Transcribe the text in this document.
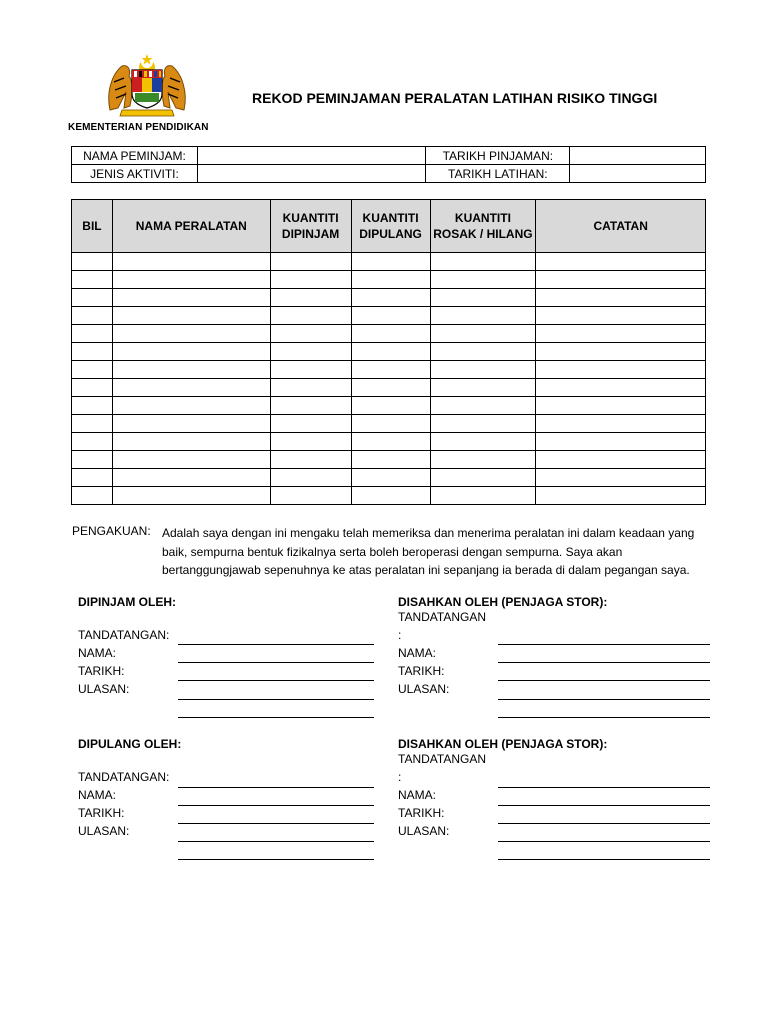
KEMENTERIAN PENDIDIKAN
REKOD PEMINJAMAN PERALATAN LATIHAN RISIKO TINGGI
NAMA PEMINJAM:		TARIKH PINJAMAN:	
JENIS AKTIVITI:		TARIKH LATIHAN:	
BIL	NAMA PERALATAN	KUANTITI DIPINJAM	KUANTITI DIPULANG	KUANTITI ROSAK / HILANG	CATATAN

PENGAKUAN: Adalah saya dengan ini mengaku telah memeriksa dan menerima peralatan ini dalam keadaan yang baik, sempurna bentuk fizikalnya serta boleh beroperasi dengan sempurna. Saya akan bertanggungjawab sepenuhnya ke atas peralatan ini sepanjang ia berada di dalam pegangan saya.
DIPINJAM OLEH:
TANDATANGAN:
NAMA:
TARIKH:
ULASAN:
DISAHKAN OLEH (PENJAGA STOR):
TANDATANGAN
:
NAMA:
TARIKH:
ULASAN:
DIPULANG OLEH:
TANDATANGAN:
NAMA:
TARIKH:
ULASAN:
DISAHKAN OLEH (PENJAGA STOR):
TANDATANGAN
:
NAMA:
TARIKH:
ULASAN:
